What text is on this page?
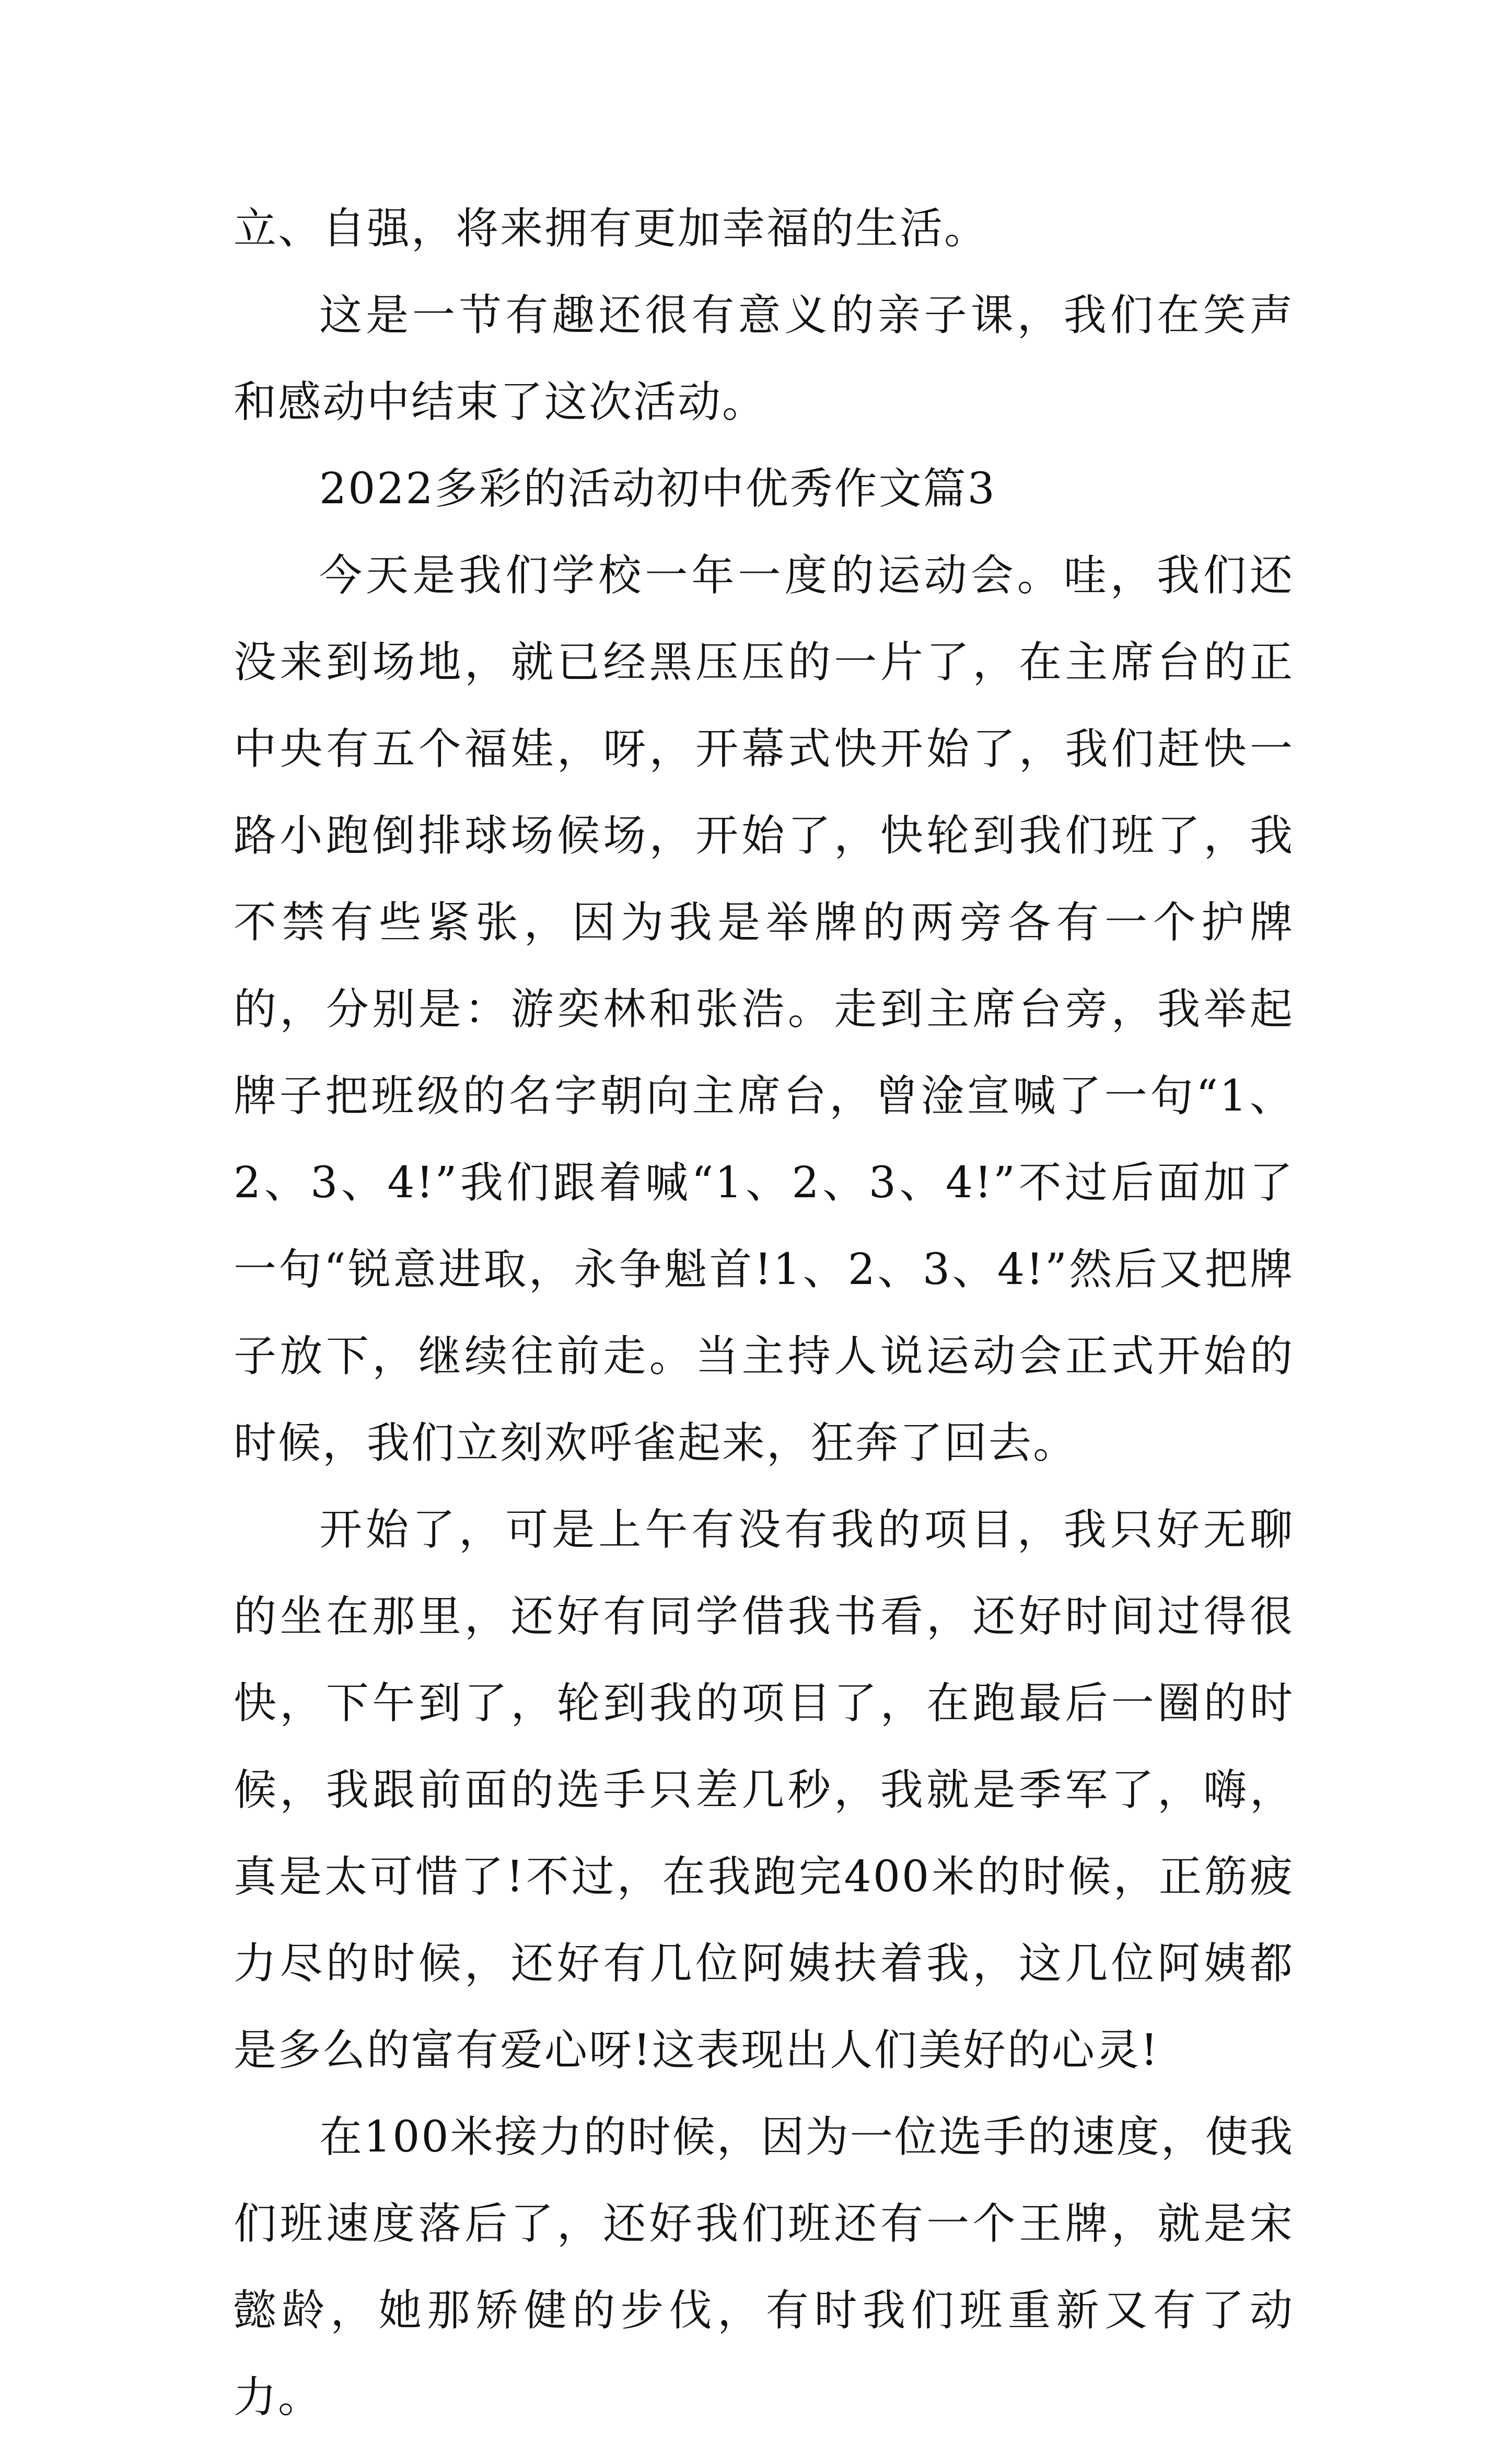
立、自强，将来拥有更加幸福的生活。

这是一节有趣还很有意义的亲子课，我们在笑声和感动中结束了这次活动。

2022多彩的活动初中优秀作文篇3

今天是我们学校一年一度的运动会。哇，我们还没来到场地，就已经黑压压的一片了，在主席台的正中央有五个福娃，呀，开幕式快开始了，我们赶快一路小跑倒排球场候场，开始了，快轮到我们班了，我不禁有些紧张，因为我是举牌的两旁各有一个护牌的，分别是：游奕林和张浩。走到主席台旁，我举起牌子把班级的名字朝向主席台，曾淦宣喊了一句“1、2、3、4!”我们跟着喊“1、2、3、4!”不过后面加了一句“锐意进取，永争魁首!1、2、3、4!”然后又把牌子放下，继续往前走。当主持人说运动会正式开始的时候，我们立刻欢呼雀起来，狂奔了回去。

开始了，可是上午有没有我的项目，我只好无聊的坐在那里，还好有同学借我书看，还好时间过得很快，下午到了，轮到我的项目了，在跑最后一圈的时候，我跟前面的选手只差几秒，我就是季军了，嗨，真是太可惜了!不过，在我跑完400米的时候，正筋疲力尽的时候，还好有几位阿姨扶着我，这几位阿姨都是多么的富有爱心呀!这表现出人们美好的心灵!

在100米接力的时候，因为一位选手的速度，使我们班速度落后了，还好我们班还有一个王牌，就是宋懿龄，她那矫健的步伐，有时我们班重新又有了动力。
